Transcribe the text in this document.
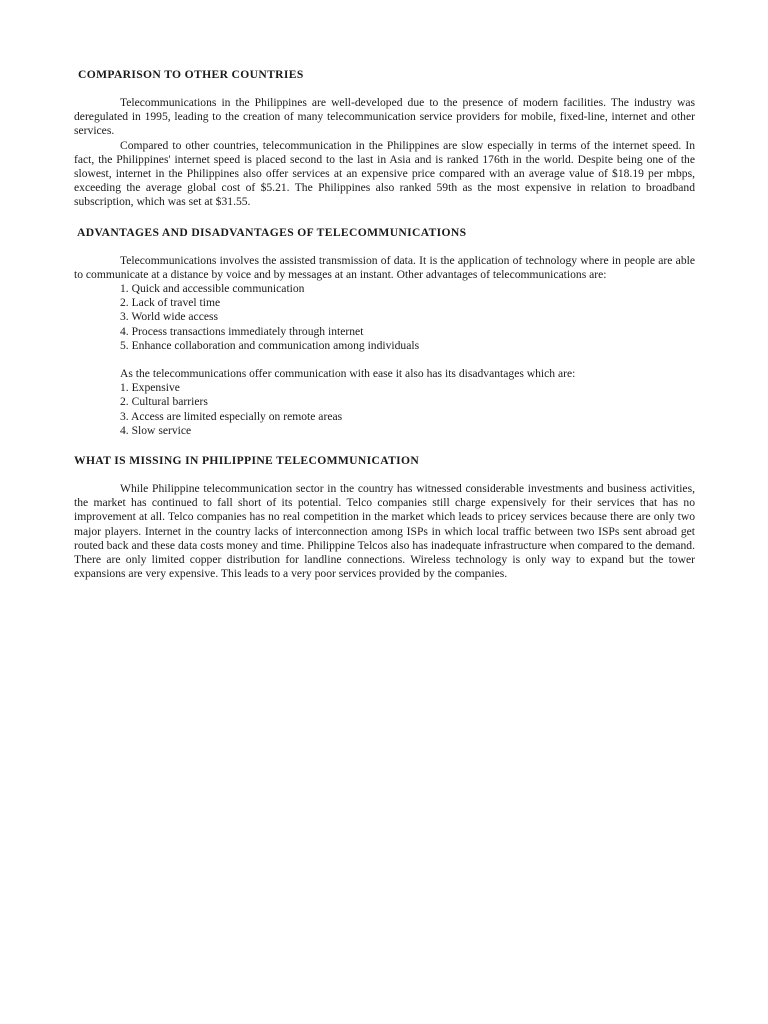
COMPARISON TO OTHER COUNTRIES

Telecommunications in the Philippines are well-developed due to the presence of modern facilities. The industry was deregulated in 1995, leading to the creation of many telecommunication service providers for mobile, fixed-line, internet and other services.

Compared to other countries, telecommunication in the Philippines are slow especially in terms of the internet speed. In fact, the Philippines' internet speed is placed second to the last in Asia and is ranked 176th in the world. Despite being one of the slowest, internet in the Philippines also offer services at an expensive price compared with an average value of $18.19 per mbps, exceeding the average global cost of $5.21. The Philippines also ranked 59th as the most expensive in relation to broadband subscription, which was set at $31.55.

ADVANTAGES AND DISADVANTAGES OF TELECOMMUNICATIONS

Telecommunications involves the assisted transmission of data. It is the application of technology where in people are able to communicate at a distance by voice and by messages at an instant. Other advantages of telecommunications are:

1. Quick and accessible communication
2. Lack of travel time
3. World wide access
4. Process transactions immediately through internet
5. Enhance collaboration and communication among individuals

As the telecommunications offer communication with ease it also has its disadvantages which are:

1. Expensive
2. Cultural barriers
3. Access are limited especially on remote areas
4. Slow service
WHAT IS MISSING IN PHILIPPINE TELECOMMUNICATION

While Philippine telecommunication sector in the country has witnessed considerable investments and business activities, the market has continued to fall short of its potential. Telco companies still charge expensively for their services that has no improvement at all. Telco companies has no real competition in the market which leads to pricey services because there are only two major players. Internet in the country lacks of interconnection among ISPs in which local traffic between two ISPs sent abroad get routed back and these data costs money and time. Philippine Telcos also has inadequate infrastructure when compared to the demand. There are only limited copper distribution for landline connections. Wireless technology is only way to expand but the tower expansions are very expensive. This leads to a very poor services provided by the companies.
